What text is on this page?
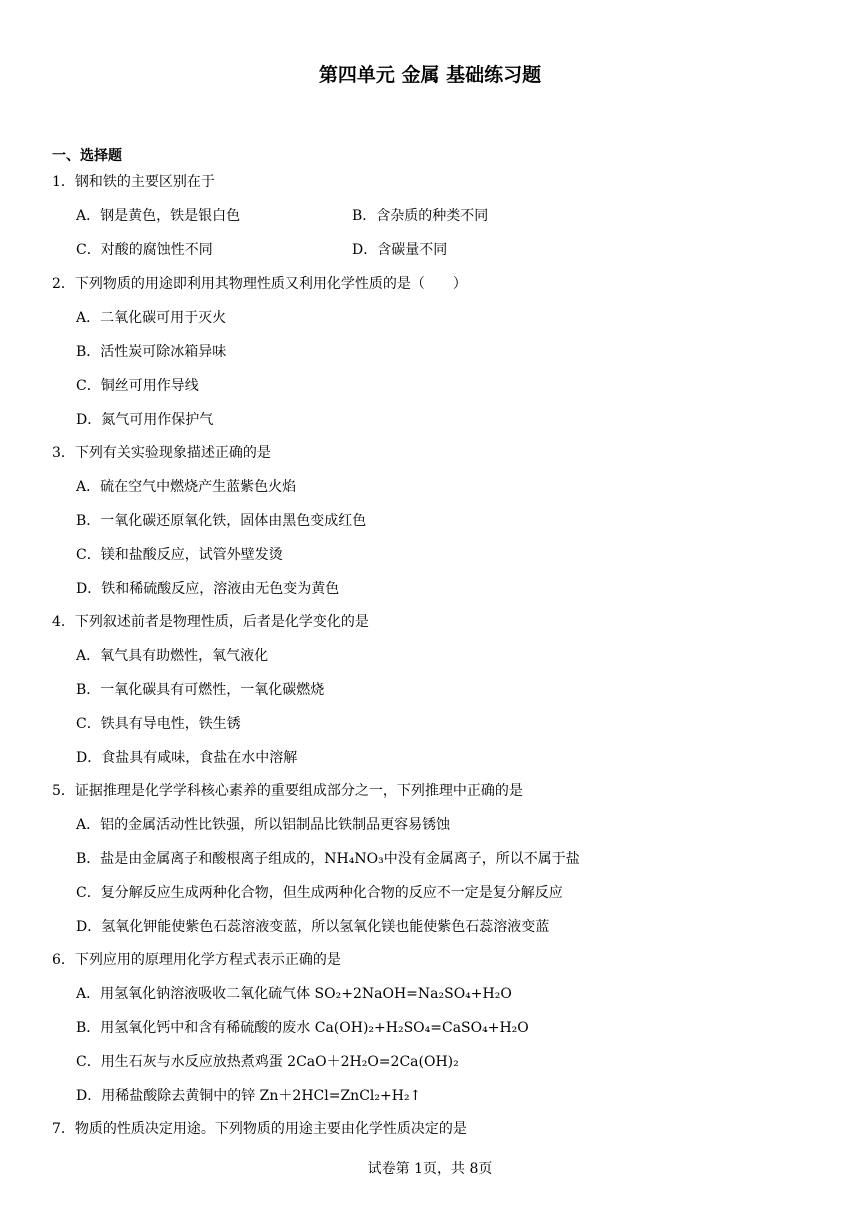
第四单元 金属 基础练习题
一、选择题
1．钢和铁的主要区别在于
A．钢是黄色，铁是银白色	B．含杂质的种类不同
C．对酸的腐蚀性不同	D．含碳量不同
2．下列物质的用途即利用其物理性质又利用化学性质的是（　　）
A．二氧化碳可用于灭火
B．活性炭可除冰箱异味
C．铜丝可用作导线
D．氮气可用作保护气
3．下列有关实验现象描述正确的是
A．硫在空气中燃烧产生蓝紫色火焰
B．一氧化碳还原氧化铁，固体由黑色变成红色
C．镁和盐酸反应，试管外壁发烫
D．铁和稀硫酸反应，溶液由无色变为黄色
4．下列叙述前者是物理性质，后者是化学变化的是
A．氧气具有助燃性，氧气液化
B．一氧化碳具有可燃性，一氧化碳燃烧
C．铁具有导电性，铁生锈
D．食盐具有咸味，食盐在水中溶解
5．证据推理是化学学科核心素养的重要组成部分之一，下列推理中正确的是
A．铝的金属活动性比铁强，所以铝制品比铁制品更容易锈蚀
B．盐是由金属离子和酸根离子组成的，NH₄NO₃中没有金属离子，所以不属于盐
C．复分解反应生成两种化合物，但生成两种化合物的反应不一定是复分解反应
D．氢氧化钾能使紫色石蕊溶液变蓝，所以氢氧化镁也能使紫色石蕊溶液变蓝
6．下列应用的原理用化学方程式表示正确的是
A．用氢氧化钠溶液吸收二氧化硫气体 SO₂+2NaOH=Na₂SO₄+H₂O
B．用氢氧化钙中和含有稀硫酸的废水 Ca(OH)₂+H₂SO₄=CaSO₄+H₂O
C．用生石灰与水反应放热煮鸡蛋 2CaO＋2H₂O=2Ca(OH)₂
D．用稀盐酸除去黄铜中的锌 Zn＋2HCl=ZnCl₂+H₂↑
7．物质的性质决定用途。下列物质的用途主要由化学性质决定的是
试卷第 1页，共 8页
